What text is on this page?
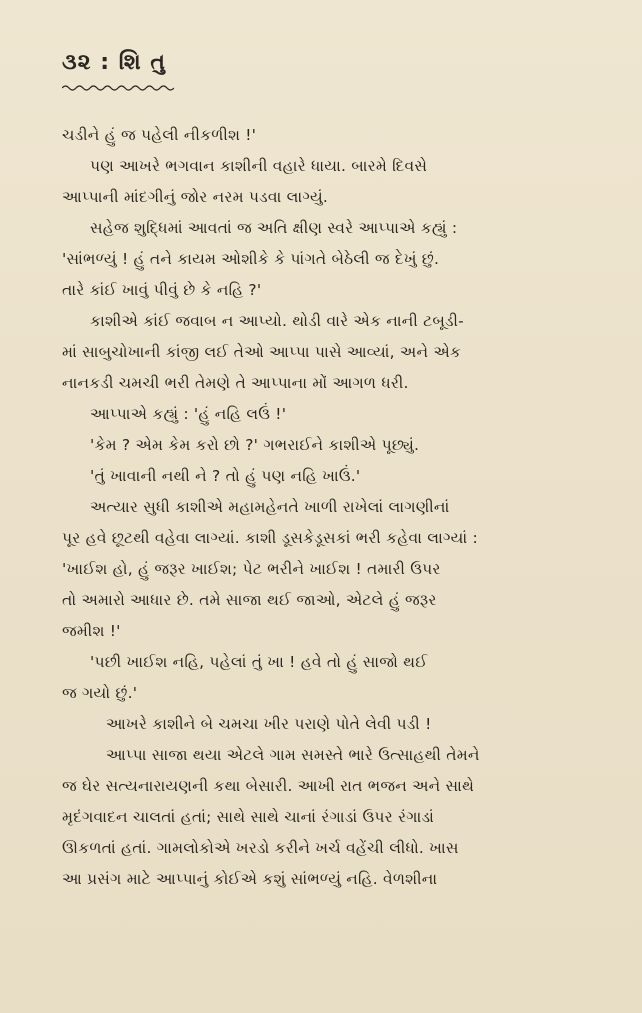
૩૨ : શિ તુ
ચડીને હું જ પહેલી નીકળીશ !'
પણ આખરે ભગવાન કાશીની વહારે ધાયા. બારમે દિવસે
આપ્પાની માંદગીનું જોર નરમ પડવા લાગ્યું.
સહેજ શુદ્ધિમાં આવતાં જ અતિ ક્ષીણ સ્વરે આપ્પાએ કહ્યું :
'સાંભળ્યું ! હું તને કાયમ ઓશીકે કે પાંગતે બેઠેલી જ દેખું છું.
તારે કાંઈ ખાવું પીવું છે કે નહિ ?'
કાશીએ કાંઈ જવાબ ન આપ્યો. થોડી વારે એક નાની ટબૂડી-
માં સાબુચોખાની કાંજી લઈ તેઓ આપ્પા પાસે આવ્યાં, અને એક
નાનકડી ચમચી ભરી તેમણે તે આપ્પાના મોં આગળ ધરી.
આપ્પાએ કહ્યું : 'હું નહિ લઉં !'
'કેમ ? એમ કેમ કરો છો ?' ગભરાઈને કાશીએ પૂછ્યું.
'તું ખાવાની નથી ને ? તો હું પણ નહિ ખાઉં.'
અત્યાર સુધી કાશીએ મહામહેનતે ખાળી રાખેલાં લાગણીનાં
પૂર હવે છૂટથી વહેવા લાગ્યાં. કાશી ડૂસકેડૂસકાં ભરી કહેવા લાગ્યાં :
'ખાઈશ હો, હું જરૂર ખાઈશ; પેટ ભરીને ખાઈશ ! તમારી ઉપર
તો અમારો આધાર છે. તમે સાજા થઈ જાઓ, એટલે હું જરૂર
જમીશ !'
'પછી ખાઈશ નહિ, પહેલાં તું ખા ! હવે તો હું સાજો થઈ
જ ગયો છું.'
આખરે કાશીને બે ચમચા ખીર પરાણે પોતે લેવી પડી !
આપ્પા સાજા થયા એટલે ગામ સમસ્તે ભારે ઉત્સાહથી તેમને
જ ઘેર સત્યનારાયણની કથા બેસારી. આખી રાત ભજન અને સાથે
મૃદંગવાદન ચાલતાં હતાં; સાથે સાથે ચાનાં રંગાડાં ઉપર રંગાડાં
ઊકળતાં હતાં. ગામલોકોએ ખરડો કરીને ખર્ચ વહેંચી લીધો. ખાસ
આ પ્રસંગ માટે આપ્પાનું કોઈએ કશું સાંભળ્યું નહિ. વેળશીના
